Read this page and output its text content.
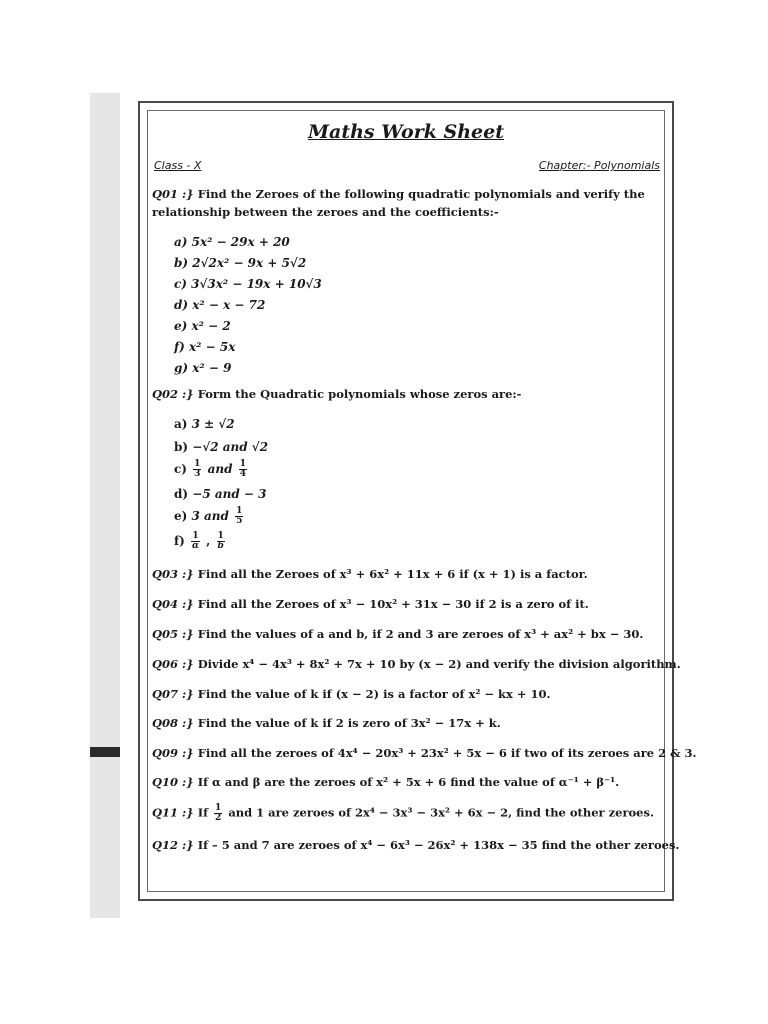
Maths Work Sheet
Class - X	Chapter:- Polynomials
Q01 :} Find the Zeroes of the following quadratic polynomials and verify the
relationship between the zeroes and the coefficients:-
a) 5x² − 29x + 20
b) 2√2x² − 9x + 5√2
c) 3√3x² − 19x + 10√3
d) x² − x − 72
e) x² − 2
f) x² − 5x
g) x² − 9
Q02 :} Form the Quadratic polynomials whose zeros are:-
a) 3 ± √2
b) −√2 and √2
$c) \frac{1}{3}$ and $\frac{1}{4}$
d) −5 and − 3
e) 3 and $\frac{1}{5}$
$f) \frac{1}{\alpha}$ , $\frac{1}{b}$
Q03 :} Find all the Zeroes of x³ + 6x² + 11x + 6 if (x + 1) is a factor.
Q04 :} Find all the Zeroes of x³ − 10x² + 31x − 30 if 2 is a zero of it.
Q05 :} Find the values of a and b, if 2 and 3 are zeroes of x³ + ax² + bx − 30.
Q06 :} Divide x⁴ − 4x³ + 8x² + 7x + 10 by (x − 2) and verify the division algorithm.
Q07 :} Find the value of k if (x − 2) is a factor of x² − kx + 10.
Q08 :} Find the value of k if 2 is zero of 3x² − 17x + k.
Q09 :} Find all the zeroes of 4x⁴ − 20x³ + 23x² + 5x − 6 if two of its zeroes are 2 & 3.
Q10 :} If α and β are the zeroes of x² + 5x + 6 find the value of α⁻¹ + β⁻¹.
Q11 :} If $\frac{1}{2}$ and 1 are zeroes of 2x⁴ − 3x³ − 3x² + 6x − 2, find the other zeroes.
Q12 :} If – 5 and 7 are zeroes of x⁴ − 6x³ − 26x² + 138x − 35 find the other zeroes.
